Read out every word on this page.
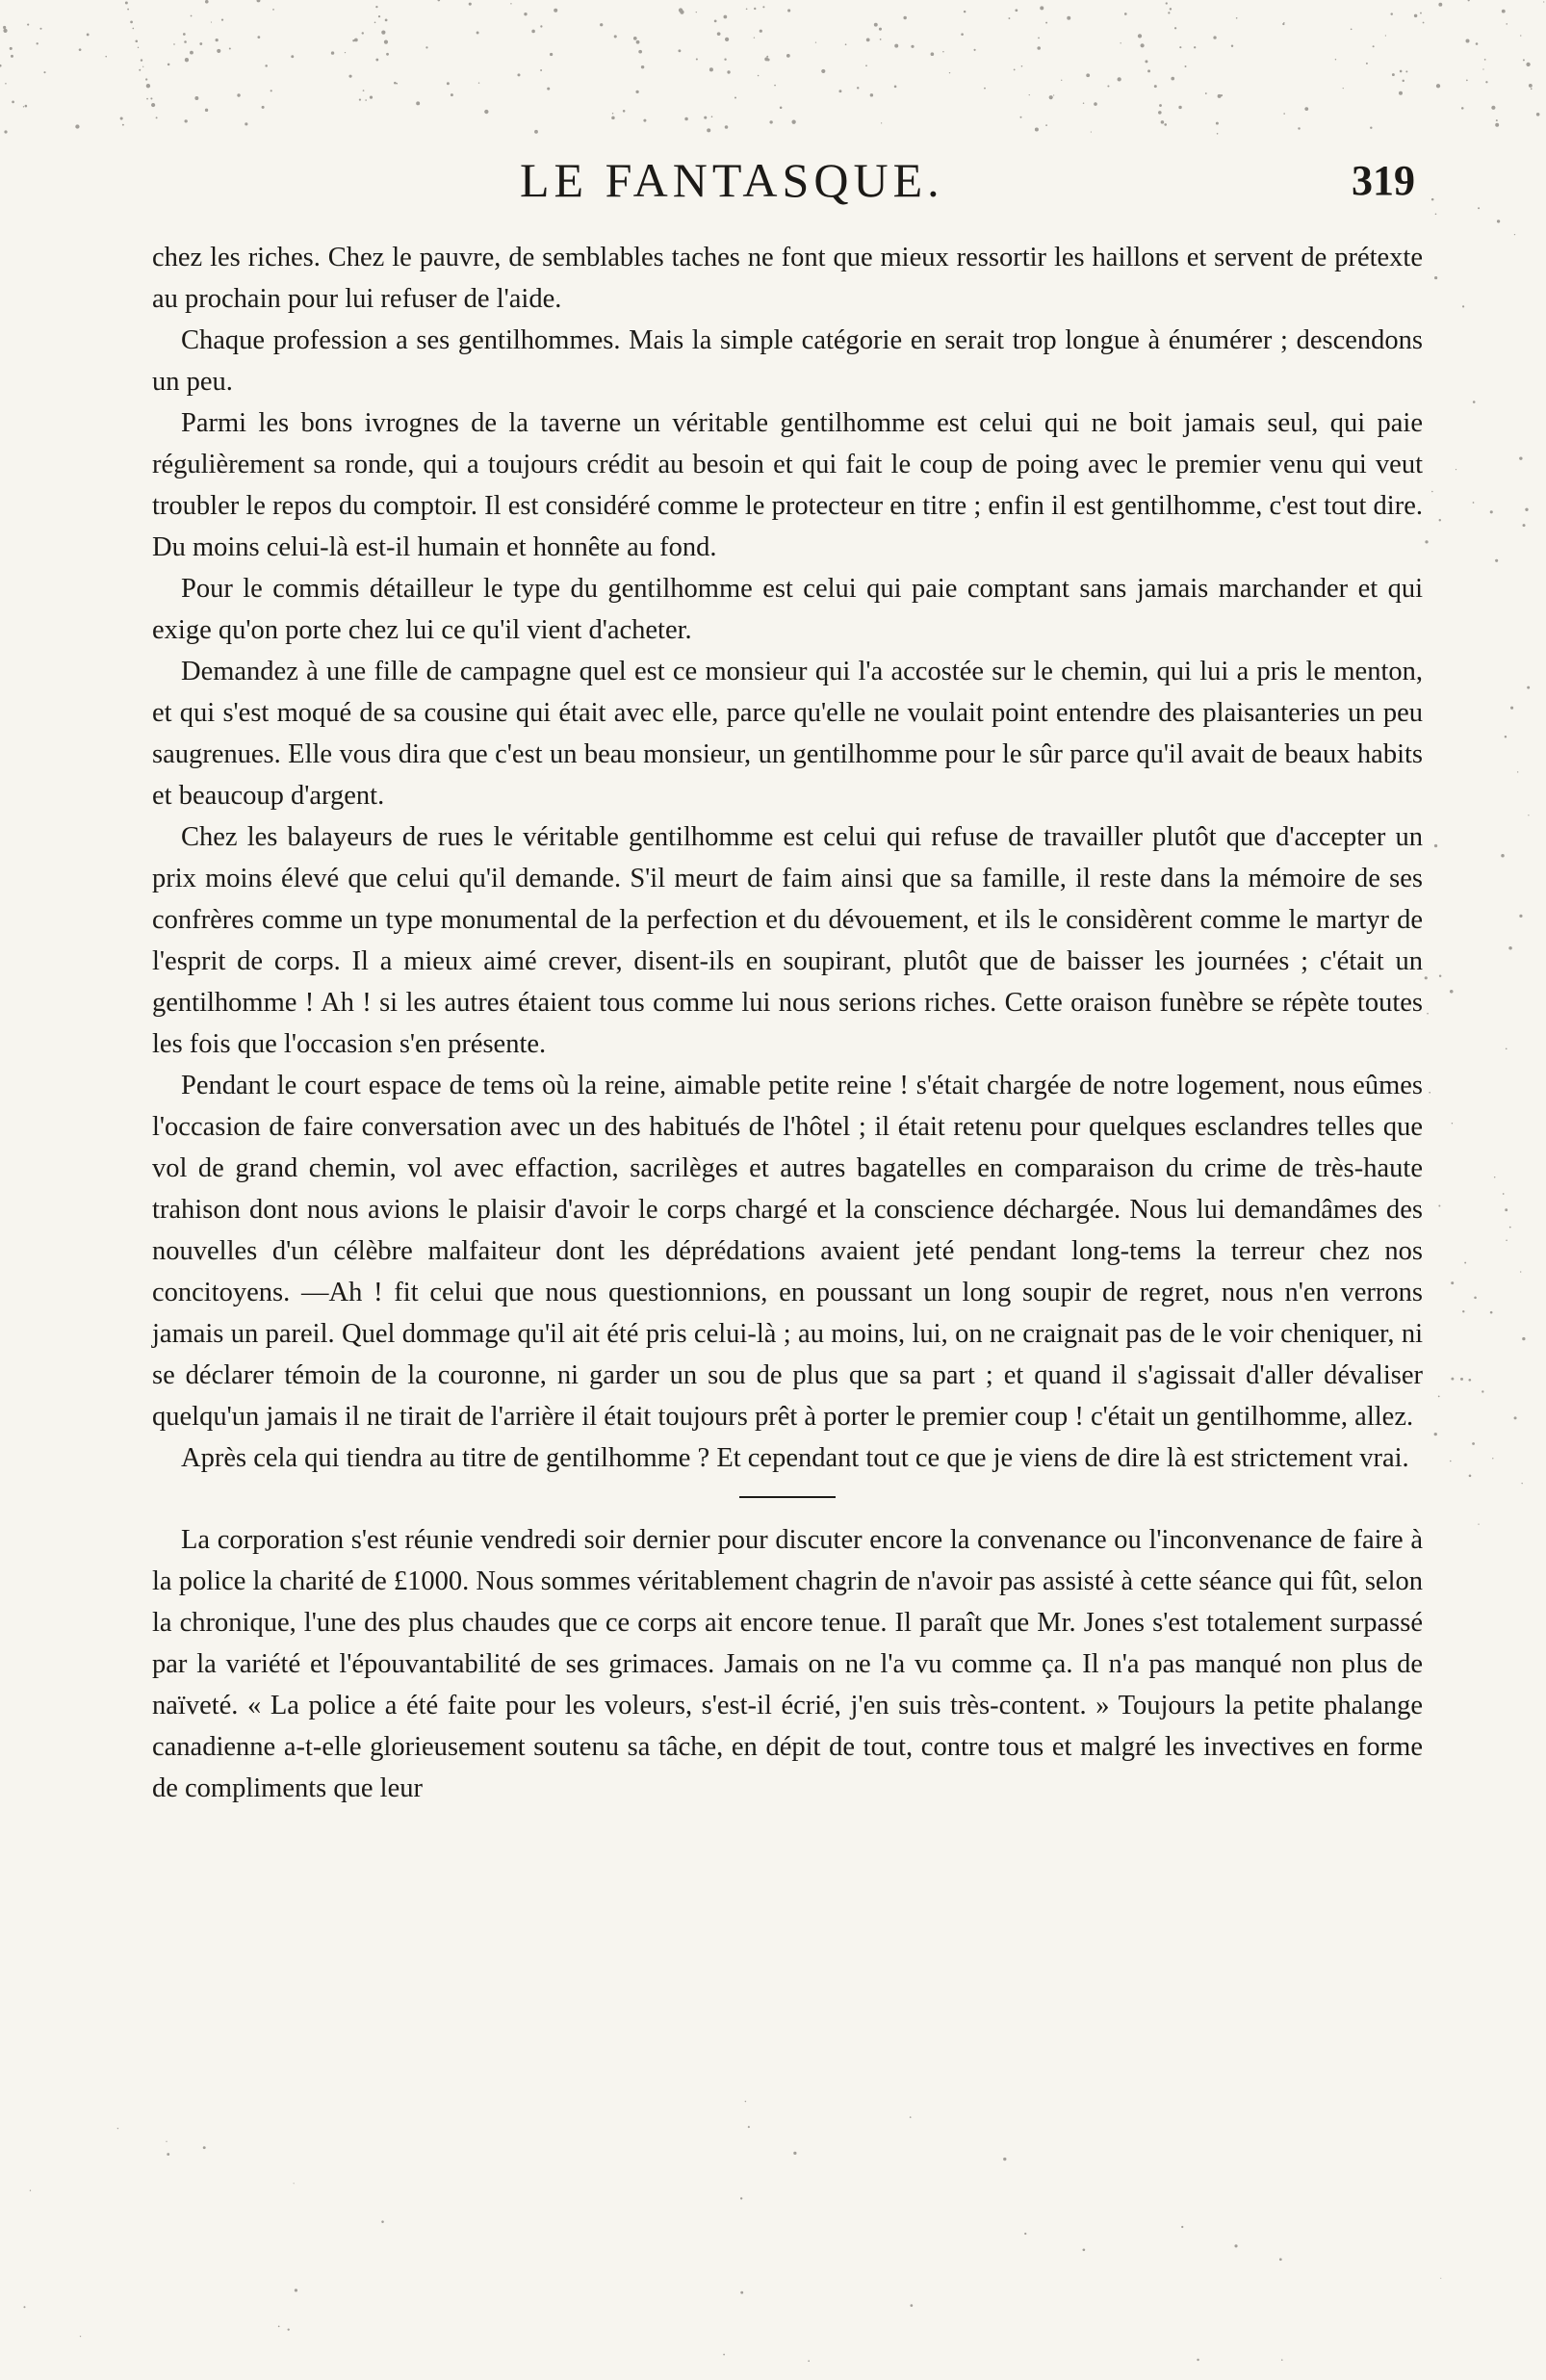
LE FANTASQUE.	319

chez les riches. Chez le pauvre, de semblables taches ne font que mieux ressortir les haillons et servent de prétexte au prochain pour lui refuser de l'aide.

Chaque profession a ses gentilhommes. Mais la simple catégorie en serait trop longue à énumérer ; descendons un peu.

Parmi les bons ivrognes de la taverne un véritable gentilhomme est celui qui ne boit jamais seul, qui paie régulièrement sa ronde, qui a toujours crédit au besoin et qui fait le coup de poing avec le premier venu qui veut troubler le repos du comptoir. Il est considéré comme le protecteur en titre ; enfin il est gentilhomme, c'est tout dire. Du moins celui-là est-il humain et honnête au fond.

Pour le commis détailleur le type du gentilhomme est celui qui paie comptant sans jamais marchander et qui exige qu'on porte chez lui ce qu'il vient d'acheter.

Demandez à une fille de campagne quel est ce monsieur qui l'a accostée sur le chemin, qui lui a pris le menton, et qui s'est moqué de sa cousine qui était avec elle, parce qu'elle ne voulait point entendre des plaisanteries un peu saugrenues. Elle vous dira que c'est un beau monsieur, un gentilhomme pour le sûr parce qu'il avait de beaux habits et beaucoup d'argent.

Chez les balayeurs de rues le véritable gentilhomme est celui qui refuse de travailler plutôt que d'accepter un prix moins élevé que celui qu'il demande. S'il meurt de faim ainsi que sa famille, il reste dans la mémoire de ses confrères comme un type monumental de la perfection et du dévouement, et ils le considèrent comme le martyr de l'esprit de corps. Il a mieux aimé crever, disent-ils en soupirant, plutôt que de baisser les journées ; c'était un gentilhomme ! Ah ! si les autres étaient tous comme lui nous serions riches. Cette oraison funèbre se répète toutes les fois que l'occasion s'en présente.

Pendant le court espace de tems où la reine, aimable petite reine ! s'était chargée de notre logement, nous eûmes l'occasion de faire conversation avec un des habitués de l'hôtel ; il était retenu pour quelques esclandres telles que vol de grand chemin, vol avec effaction, sacrilèges et autres bagatelles en comparaison du crime de très-haute trahison dont nous avions le plaisir d'avoir le corps chargé et la conscience déchargée. Nous lui demandâmes des nouvelles d'un célèbre malfaiteur dont les déprédations avaient jeté pendant long-tems la terreur chez nos concitoyens. —Ah ! fit celui que nous questionnions, en poussant un long soupir de regret, nous n'en verrons jamais un pareil. Quel dommage qu'il ait été pris celui-là ; au moins, lui, on ne craignait pas de le voir cheniquer, ni se déclarer témoin de la couronne, ni garder un sou de plus que sa part ; et quand il s'agissait d'aller dévaliser quelqu'un jamais il ne tirait de l'arrière il était toujours prêt à porter le premier coup ! c'était un gentilhomme, allez.

Après cela qui tiendra au titre de gentilhomme ? Et cependant tout ce que je viens de dire là est strictement vrai.

La corporation s'est réunie vendredi soir dernier pour discuter encore la convenance ou l'inconvenance de faire à la police la charité de £1000. Nous sommes véritablement chagrin de n'avoir pas assisté à cette séance qui fût, selon la chronique, l'une des plus chaudes que ce corps ait encore tenue. Il paraît que Mr. Jones s'est totalement surpassé par la variété et l'épouvantabilité de ses grimaces. Jamais on ne l'a vu comme ça. Il n'a pas manqué non plus de naïveté. « La police a été faite pour les voleurs, s'est-il écrié, j'en suis très-content. » Toujours la petite phalange canadienne a-t-elle glorieusement soutenu sa tâche, en dépit de tout, contre tous et malgré les invectives en forme de compliments que leur
